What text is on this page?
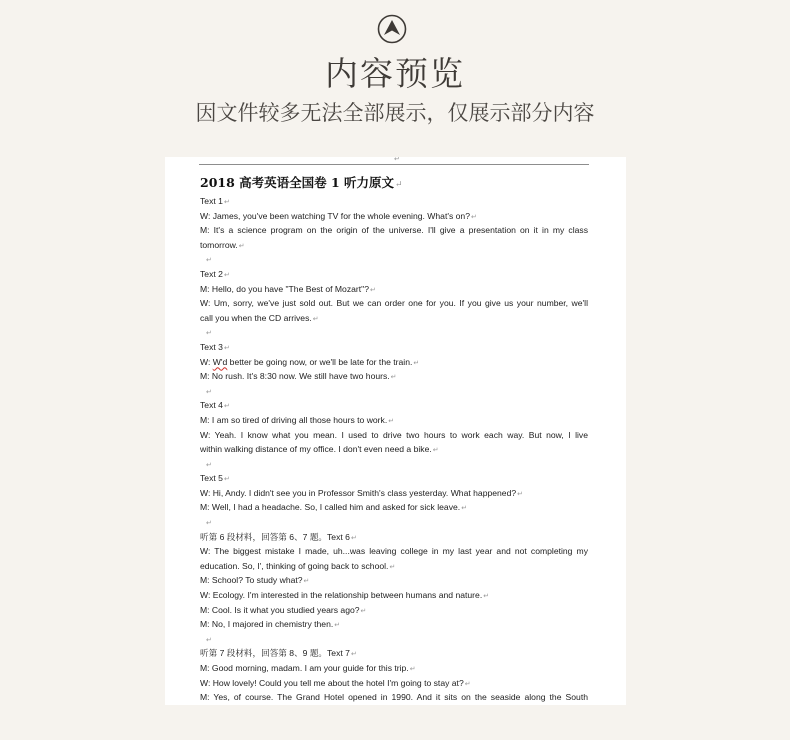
内容预览
因文件较多无法全部展示，仅展示部分内容
↵
2018 高考英语全国卷 1 听力原文↵
Text 1↵
W: James, you've been watching TV for the whole evening. What's on?↵
M: It's a science program on the origin of the universe. I'll give a presentation on it in my class
tomorrow.↵
↵
Text 2↵
M: Hello, do you have "The Best of Mozart"?↵
W: Um, sorry, we've just sold out. But we can order one for you. If you give us your number, we'll
call you when the CD arrives.↵
↵
Text 3↵
W: W'd better be going now, or we'll be late for the train.↵
M: No rush. It's 8:30 now. We still have two hours.↵
↵
Text 4↵
M: I am so tired of driving all those hours to work.↵
W: Yeah. I know what you mean. I used to drive two hours to work each way. But now, I live
within walking distance of my office. I don't even need a bike.↵
↵
Text 5↵
W: Hi, Andy. I didn't see you in Professor Smith's class yesterday. What happened?↵
M: Well, I had a headache. So, I called him and asked for sick leave.↵
↵
听第 6 段材料，回答第 6、7 题。Text 6↵
W: The biggest mistake I made, uh...was leaving college in my last year and not completing my
education. So, I', thinking of going back to school.↵
M: School? To study what?↵
W: Ecology. I'm interested in the relationship between humans and nature.↵
M: Cool. Is it what you studied years ago?↵
M: No, I majored in chemistry then.↵
↵
听第 7 段材料，回答第 8、9 题。Text 7↵
M: Good morning, madam. I am your guide for this trip.↵
W: How lovely! Could you tell me about the hotel I'm going to stay at?↵
M: Yes, of course. The Grand Hotel opened in 1990. And it sits on the seaside along the South
